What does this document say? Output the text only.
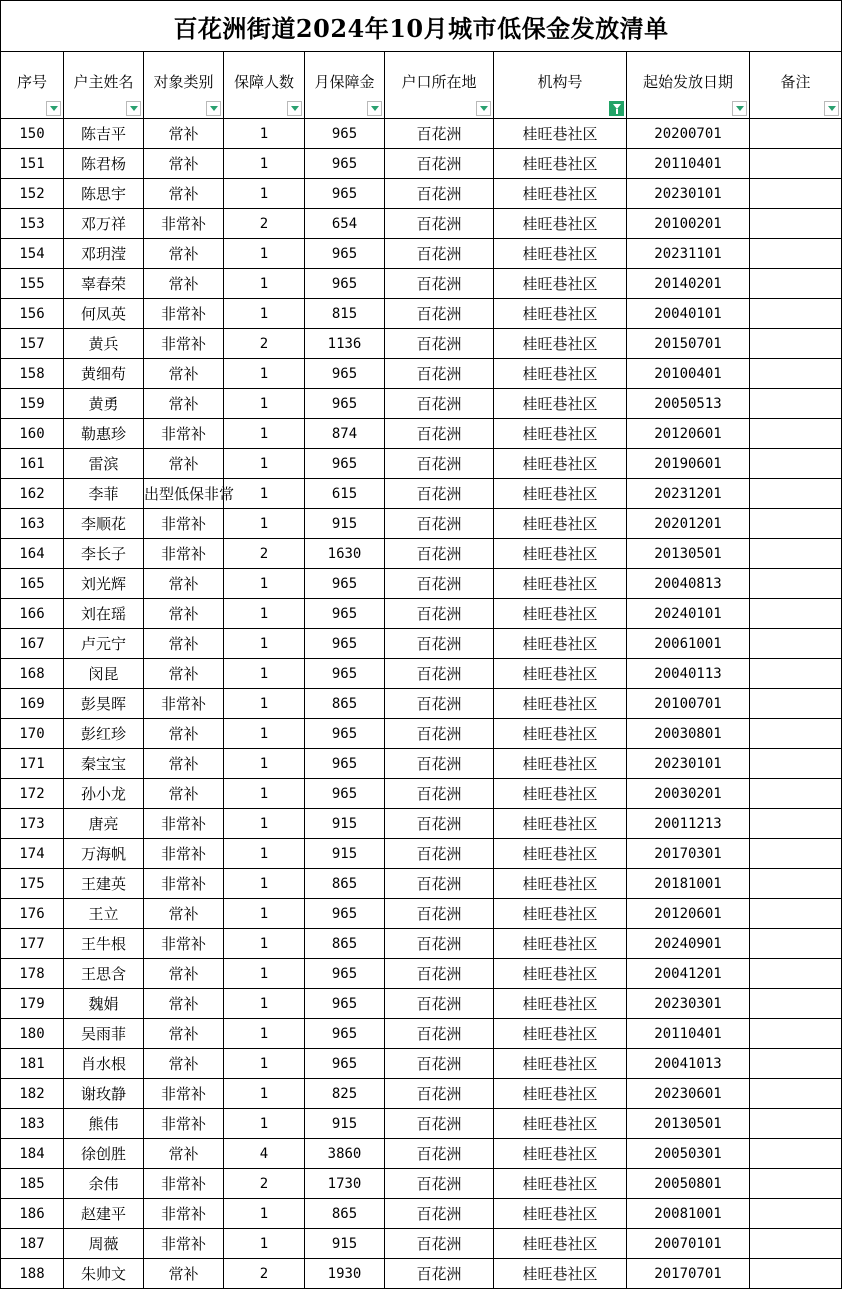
百花洲街道2024年10月城市低保金发放清单								
序号	户主姓名	对象类别	保障人数	月保障金	户口所在地	机构号	起始发放日期	备注

150	陈吉平	常补	1	965	百花洲	桂旺巷社区	20200701	
151	陈君杨	常补	1	965	百花洲	桂旺巷社区	20110401	
152	陈思宇	常补	1	965	百花洲	桂旺巷社区	20230101	
153	邓万祥	非常补	2	654	百花洲	桂旺巷社区	20100201	
154	邓玥滢	常补	1	965	百花洲	桂旺巷社区	20231101	
155	辜春荣	常补	1	965	百花洲	桂旺巷社区	20140201	
156	何凤英	非常补	1	815	百花洲	桂旺巷社区	20040101	
157	黄兵	非常补	2	1136	百花洲	桂旺巷社区	20150701	
158	黄细苟	常补	1	965	百花洲	桂旺巷社区	20100401	
159	黄勇	常补	1	965	百花洲	桂旺巷社区	20050513	
160	勒惠珍	非常补	1	874	百花洲	桂旺巷社区	20120601	
161	雷滨	常补	1	965	百花洲	桂旺巷社区	20190601	
162	李菲	出型低保非常	1	615	百花洲	桂旺巷社区	20231201	
163	李顺花	非常补	1	915	百花洲	桂旺巷社区	20201201	
164	李长子	非常补	2	1630	百花洲	桂旺巷社区	20130501	
165	刘光辉	常补	1	965	百花洲	桂旺巷社区	20040813	
166	刘在瑶	常补	1	965	百花洲	桂旺巷社区	20240101	
167	卢元宁	常补	1	965	百花洲	桂旺巷社区	20061001	
168	闵昆	常补	1	965	百花洲	桂旺巷社区	20040113	
169	彭昊晖	非常补	1	865	百花洲	桂旺巷社区	20100701	
170	彭红珍	常补	1	965	百花洲	桂旺巷社区	20030801	
171	秦宝宝	常补	1	965	百花洲	桂旺巷社区	20230101	
172	孙小龙	常补	1	965	百花洲	桂旺巷社区	20030201	
173	唐亮	非常补	1	915	百花洲	桂旺巷社区	20011213	
174	万海帆	非常补	1	915	百花洲	桂旺巷社区	20170301	
175	王建英	非常补	1	865	百花洲	桂旺巷社区	20181001	
176	王立	常补	1	965	百花洲	桂旺巷社区	20120601	
177	王牛根	非常补	1	865	百花洲	桂旺巷社区	20240901	
178	王思含	常补	1	965	百花洲	桂旺巷社区	20041201	
179	魏娟	常补	1	965	百花洲	桂旺巷社区	20230301	
180	吴雨菲	常补	1	965	百花洲	桂旺巷社区	20110401	
181	肖水根	常补	1	965	百花洲	桂旺巷社区	20041013	
182	谢玫静	非常补	1	825	百花洲	桂旺巷社区	20230601	
183	熊伟	非常补	1	915	百花洲	桂旺巷社区	20130501	
184	徐创胜	常补	4	3860	百花洲	桂旺巷社区	20050301	
185	余伟	非常补	2	1730	百花洲	桂旺巷社区	20050801	
186	赵建平	非常补	1	865	百花洲	桂旺巷社区	20081001	
187	周薇	非常补	1	915	百花洲	桂旺巷社区	20070101	
188	朱帅文	常补	2	1930	百花洲	桂旺巷社区	20170701	
